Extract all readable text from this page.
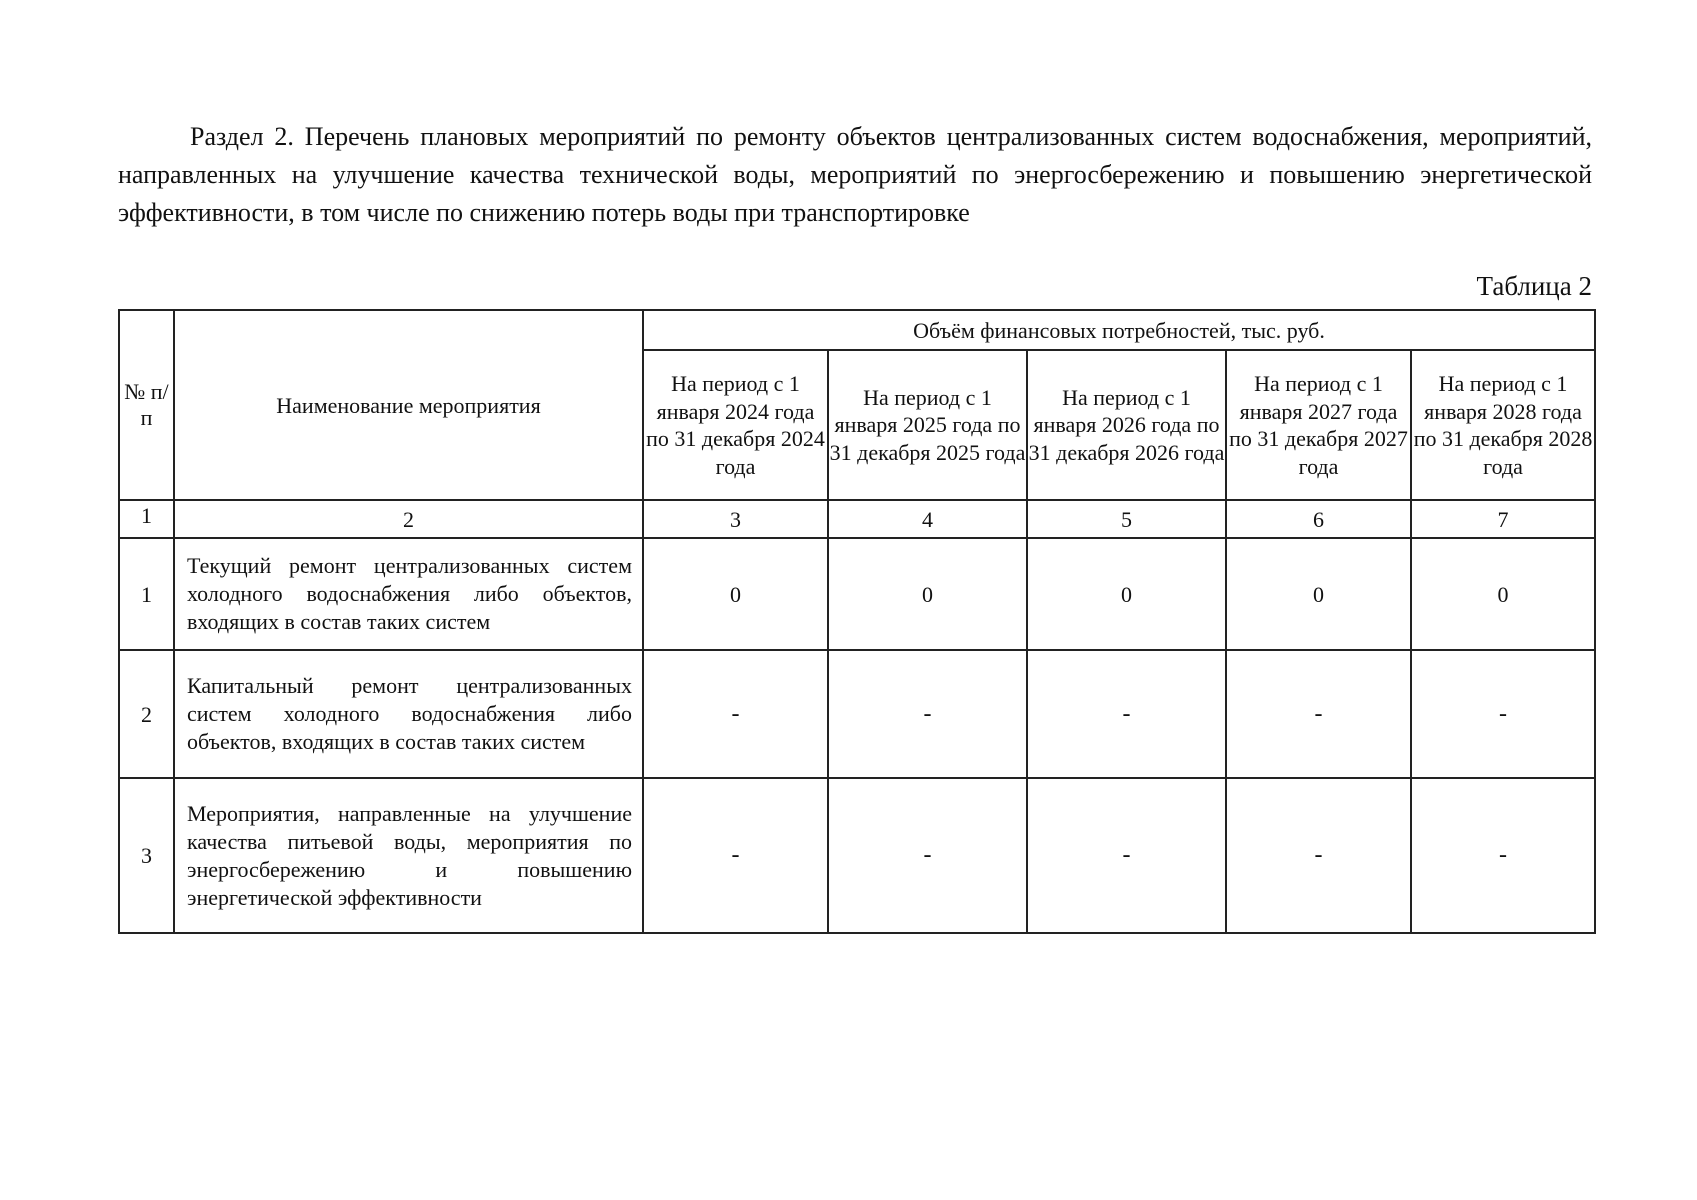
Раздел 2. Перечень плановых мероприятий по ремонту объектов централизованных систем водоснабжения, мероприятий, направленных на улучшение качества технической воды, мероприятий по энергосбережению и повышению энергетической эффективности, в том числе по снижению потерь воды при транспортировке

Таблица 2
№ п/п	Наименование мероприятия	Объём финансовых потребностей, тыс. руб.				
		На период с 1 января 2024 года по 31 декабря 2024 года	На период с 1 января 2025 года по 31 декабря 2025 года	На период с 1 января 2026 года по 31 декабря 2026 года	На период с 1 января 2027 года по 31 декабря 2027 года	На период с 1 января 2028 года по 31 декабря 2028 года
1	2	3	4	5	6	7
1	Текущий ремонт централизованных систем холодного водоснабжения либо объектов, входящих в состав таких систем	0	0	0	0	0
2	Капитальный ремонт централизованных систем холодного водоснабжения либо объектов, входящих в состав таких систем	-	-	-	-	-
3	Мероприятия, направленные на улучшение качества питьевой воды, мероприятия по энергосбережению и повышению энергетической эффективности	-	-	-	-	-
